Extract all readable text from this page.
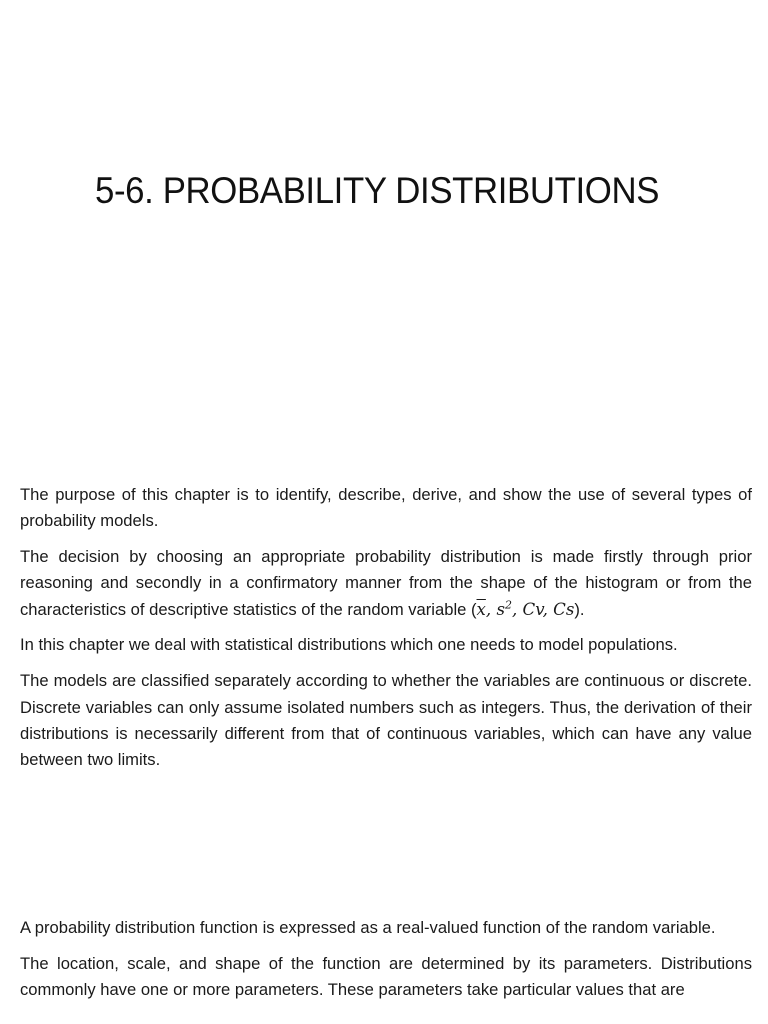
5-6. PROBABILITY DISTRIBUTIONS

The purpose of this chapter is to identify, describe, derive, and show the use of several types of probability models.

The decision by choosing an appropriate probability distribution is made firstly through prior reasoning and secondly in a confirmatory manner from the shape of the histogram or from the characteristics of descriptive statistics of the random variable ($\overline{x}$, $s^2$, Cv, Cs).

In this chapter we deal with statistical distributions which one needs to model populations.

The models are classified separately according to whether the variables are continuous or discrete. Discrete variables can only assume isolated numbers such as integers. Thus, the derivation of their distributions is necessarily different from that of continuous variables, which can have any value between two limits.

A probability distribution function is expressed as a real-valued function of the random variable.

The location, scale, and shape of the function are determined by its parameters. Distributions commonly have one or more parameters. These parameters take particular values that are
